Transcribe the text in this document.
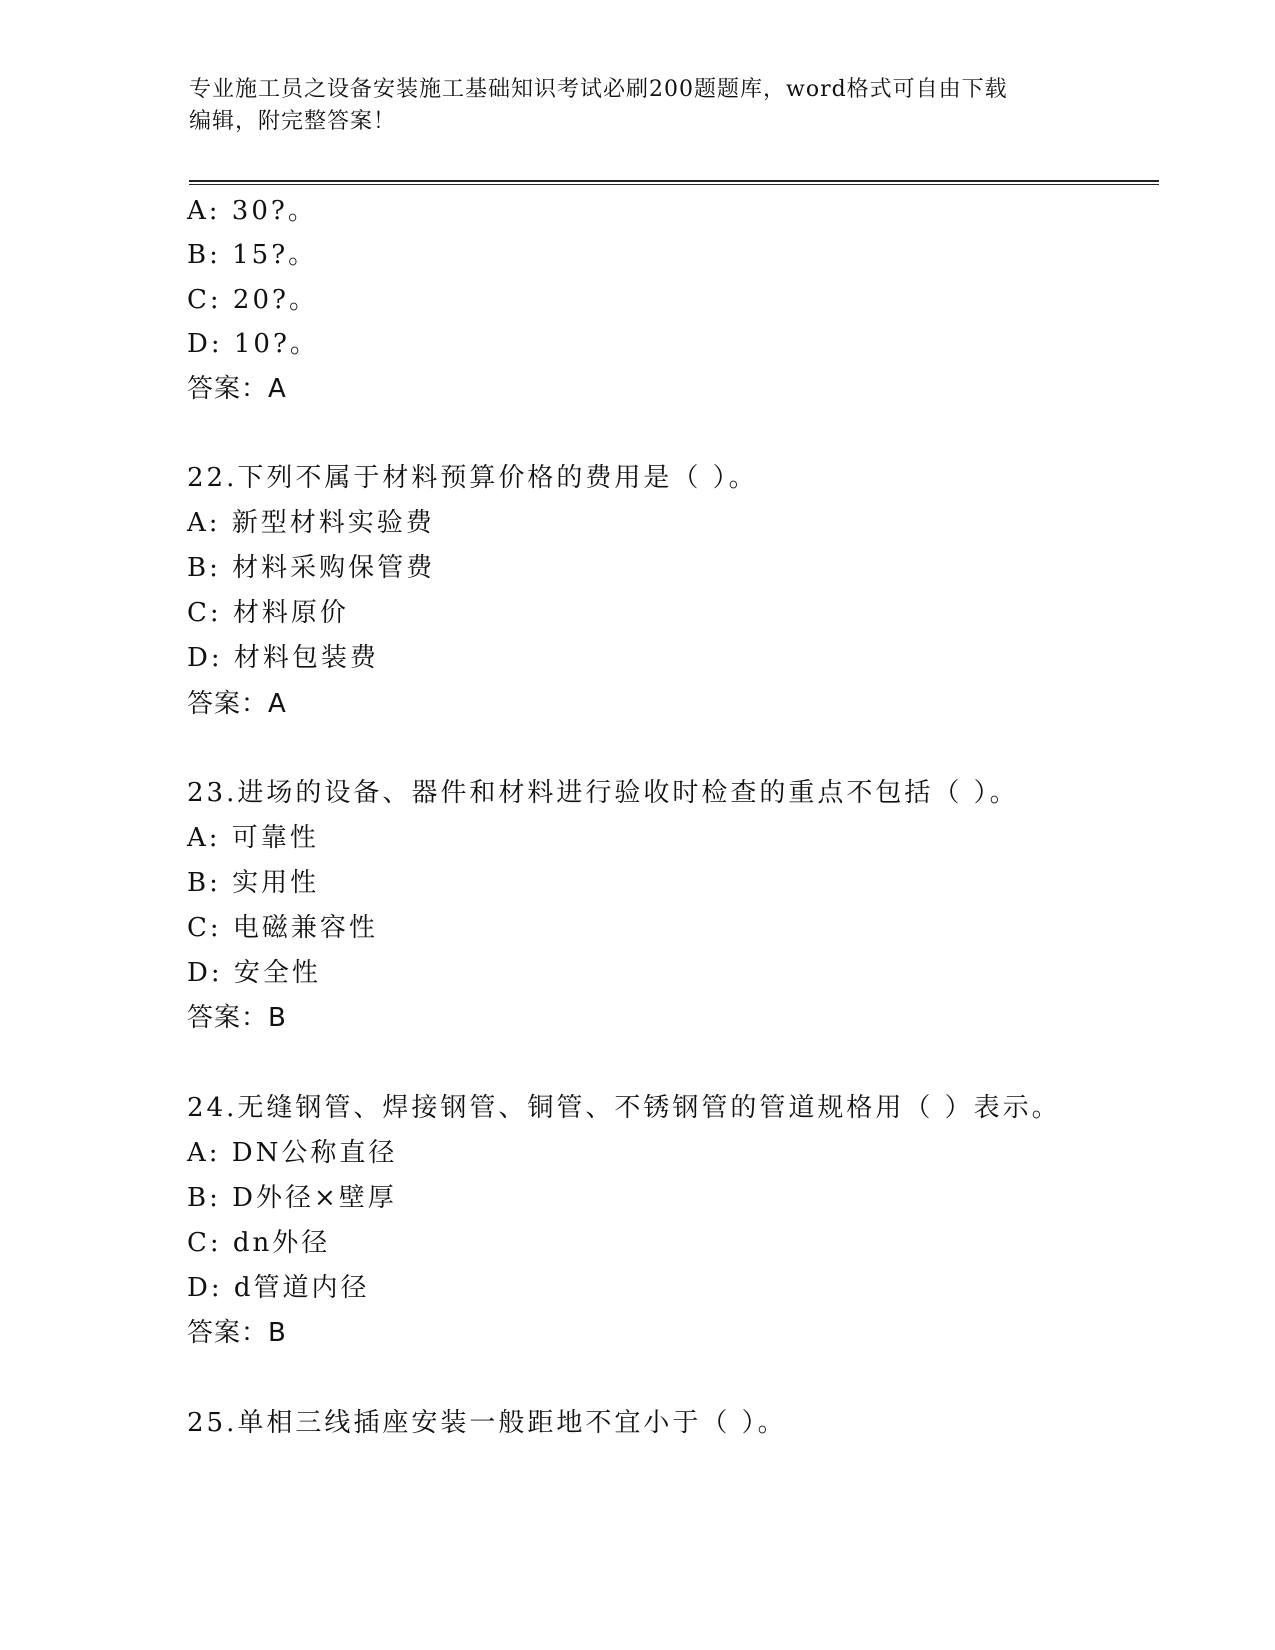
专业施工员之设备安装施工基础知识考试必刷200题题库，word格式可自由下载
编辑，附完整答案！
A: 30?。
B: 15?。
C: 20?。
D: 10?。
答案：A
22.下列不属于材料预算价格的费用是（ ）。
A: 新型材料实验费
B: 材料采购保管费
C: 材料原价
D: 材料包装费
答案：A
23.进场的设备、器件和材料进行验收时检查的重点不包括（ ）。
A: 可靠性
B: 实用性
C: 电磁兼容性
D: 安全性
答案：B
24.无缝钢管、焊接钢管、铜管、不锈钢管的管道规格用（ ）表示。
A: DN公称直径
B: D外径×壁厚
C: dn外径
D: d管道内径
答案：B
25.单相三线插座安装一般距地不宜小于（ ）。
